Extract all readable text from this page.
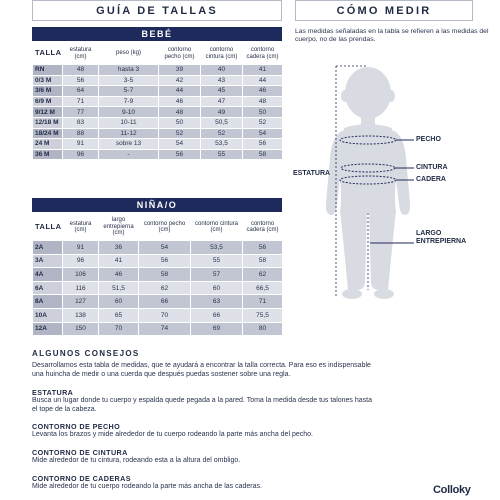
GUÍA DE TALLAS	CÓMO MEDIR
BEBÉ
TALLA	estatura (cm)	peso (kg)	contorno pecho (cm)	contorno cintura (cm)	contorno cadera (cm)
RN	48	hasta 3	39	40	41
0/3 M	56	3-5	42	43	44
3/6 M	64	5-7	44	45	46
6/9 M	71	7-9	46	47	48
9/12 M	77	9-10	48	49	50
12/18 M	83	10-11	50	50,5	52
18/24 M	88	11-12	52	52	54
24 M	91	sobre 13	54	53,5	56
36 M	96	-	56	55	58
NIÑA/O
TALLA	estatura (cm)	largo entrepierna (cm)	contorno pecho (cm)	contorno cintura (cm)	contorno cadera (cm)
2A	91	36	54	53,5	56
3A	96	41	56	55	58
4A	106	46	58	57	62
6A	116	51,5	62	60	66,5
8A	127	60	66	63	71
10A	138	65	70	66	75,5
12A	150	70	74	69	80

Las medidas señaladas en la tabla se refieren a las medidas del cuerpo, no de las prendas.

PECHO
CINTURA
CADERA
ESTATURA
LARGO
ENTREPIERNA
ALGUNOS CONSEJOS

Desarrollamos esta tabla de medidas, que te ayudará a encontrar la talla correcta. Para eso es indispensable

una huincha de medir o una cuerda que después puedas sostener sobre una regla.

ESTATURA

Busca un lugar donde tu cuerpo y espalda quede pegada a la pared. Toma la medida desde tus talones hasta

el tope de la cabeza.

CONTORNO DE PECHO

Levanta los brazos y mide alrededor de tu cuerpo rodeando la parte más ancha del pecho.

CONTORNO DE CINTURA

Mide alrededor de tu cintura, rodeando esta a la altura del ombligo.

CONTORNO DE CADERAS

Mide alrededor de tu cuerpo rodeando la parte más ancha de las caderas.	Colloky
